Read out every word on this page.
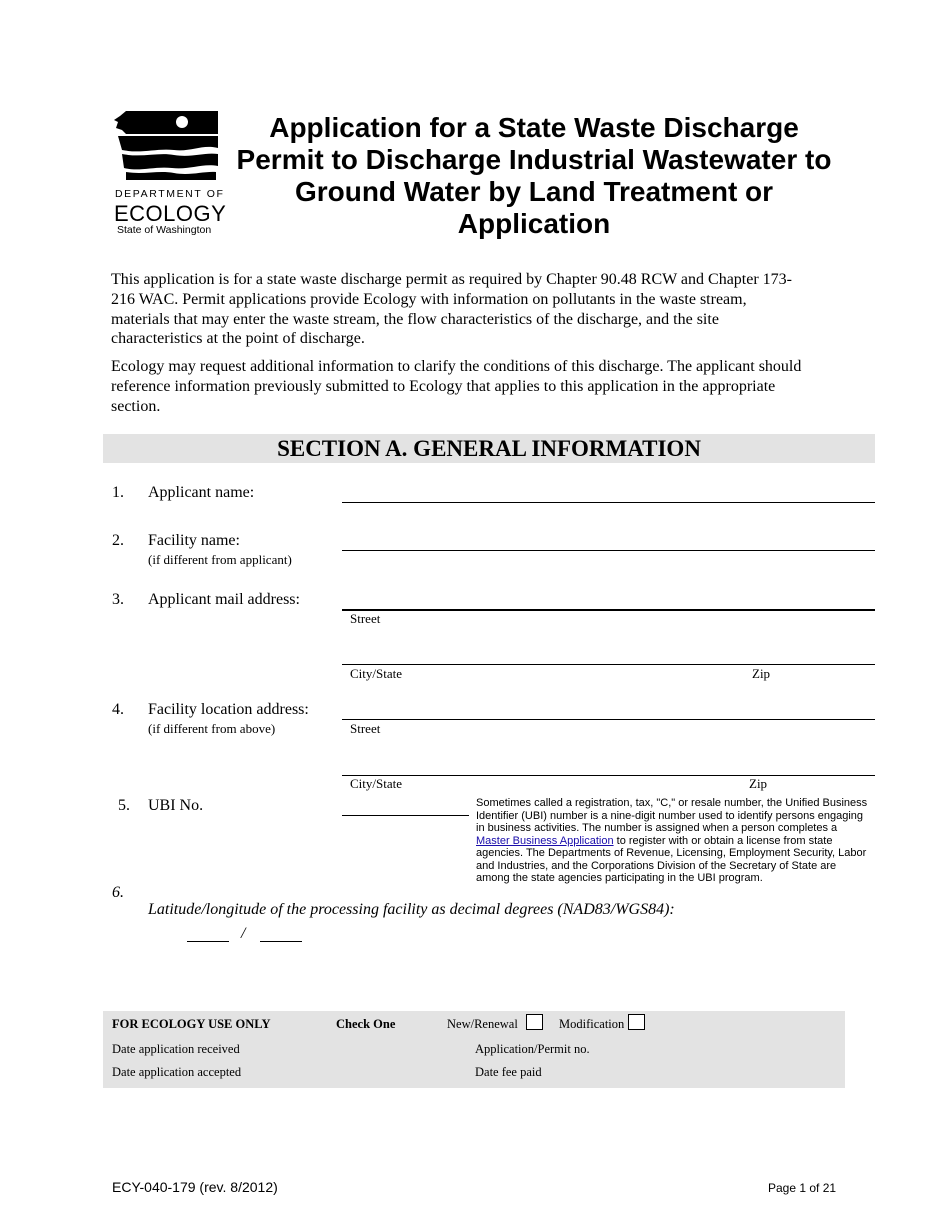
DEPARTMENT OF
ECOLOGY
State of Washington
Application for a State Waste Discharge
Permit to Discharge Industrial Wastewater to
Ground Water by Land Treatment or
Application
This application is for a state waste discharge permit as required by Chapter 90.48 RCW and Chapter 173-
216 WAC. Permit applications provide Ecology with information on pollutants in the waste stream,
materials that may enter the waste stream, the flow characteristics of the discharge, and the site
characteristics at the point of discharge.
Ecology may request additional information to clarify the conditions of this discharge. The applicant should
reference information previously submitted to Ecology that applies to this application in the appropriate
section.
SECTION A. GENERAL INFORMATION
1. Applicant name:
2. Facility name:
(if different from applicant)
3. Applicant mail address:
Street
City/State	Zip
4. Facility location address:
(if different from above)	Street
City/State	Zip
5. UBI No.	Sometimes called a registration, tax, "C," or resale number, the Unified Business
Identifier (UBI) number is a nine-digit number used to identify persons engaging
in business activities. The number is assigned when a person completes a
Master Business Application to register with or obtain a license from state
agencies. The Departments of Revenue, Licensing, Employment Security, Labor
and Industries, and the Corporations Division of the Secretary of State are
among the state agencies participating in the UBI program.
6.
Latitude/longitude of the processing facility as decimal degrees (NAD83/WGS84):
/
FOR ECOLOGY USE ONLY	Check One	New/Renewal	Modification
Date application received	Application/Permit no.
Date application accepted	Date fee paid
ECY-040-179 (rev. 8/2012)	Page 1 of 21
